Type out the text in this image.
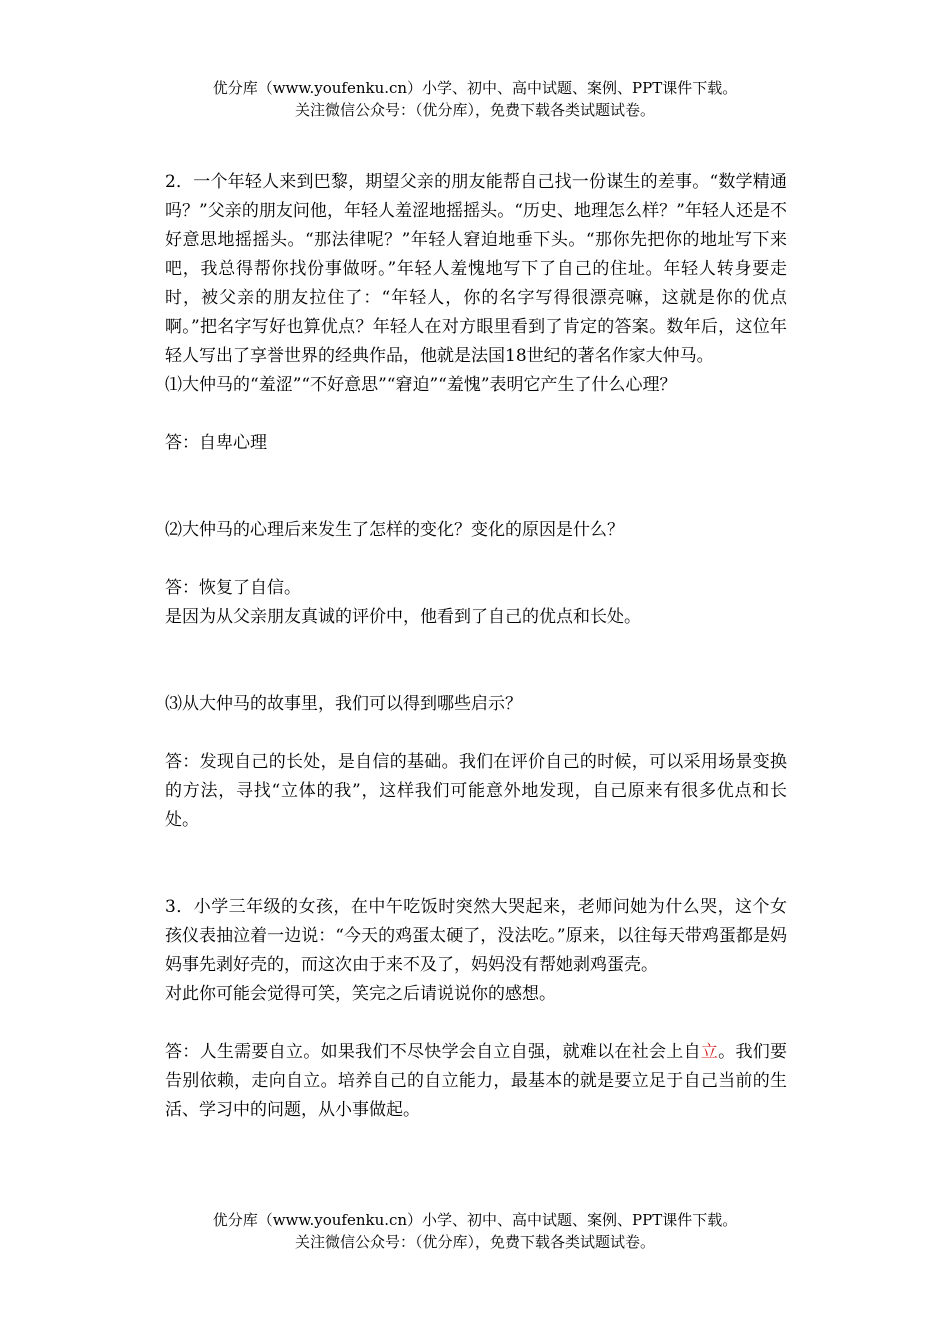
优分库（www.youfenku.cn）小学、初中、高中试题、案例、PPT课件下载。
关注微信公众号：（优分库），免费下载各类试题试卷。

2．一个年轻人来到巴黎，期望父亲的朋友能帮自己找一份谋生的差事。“数学精通吗？”父亲的朋友问他，年轻人羞涩地摇摇头。“历史、地理怎么样？”年轻人还是不好意思地摇摇头。“那法律呢？”年轻人窘迫地垂下头。“那你先把你的地址写下来吧，我总得帮你找份事做呀。”年轻人羞愧地写下了自己的住址。年轻人转身要走时，被父亲的朋友拉住了：“年轻人，你的名字写得很漂亮嘛，这就是你的优点啊。”把名字写好也算优点？年轻人在对方眼里看到了肯定的答案。数年后，这位年轻人写出了享誉世界的经典作品，他就是法国18世纪的著名作家大仲马。

⑴大仲马的“羞涩”“不好意思”“窘迫”“羞愧”表明它产生了什么心理？

答：自卑心理

⑵大仲马的心理后来发生了怎样的变化？变化的原因是什么？

答：恢复了自信。

是因为从父亲朋友真诚的评价中，他看到了自己的优点和长处。

⑶从大仲马的故事里，我们可以得到哪些启示？

答：发现自己的长处，是自信的基础。我们在评价自己的时候，可以采用场景变换的方法，寻找“立体的我”，这样我们可能意外地发现，自己原来有很多优点和长处。

3．小学三年级的女孩，在中午吃饭时突然大哭起来，老师问她为什么哭，这个女孩仪表抽泣着一边说：“今天的鸡蛋太硬了，没法吃。”原来，以往每天带鸡蛋都是妈妈事先剥好壳的，而这次由于来不及了，妈妈没有帮她剥鸡蛋壳。

对此你可能会觉得可笑，笑完之后请说说你的感想。

答：人生需要自立。如果我们不尽快学会自立自强，就难以在社会上自立。我们要告别依赖，走向自立。培养自己的自立能力，最基本的就是要立足于自己当前的生活、学习中的问题，从小事做起。

优分库（www.youfenku.cn）小学、初中、高中试题、案例、PPT课件下载。
关注微信公众号：（优分库），免费下载各类试题试卷。
